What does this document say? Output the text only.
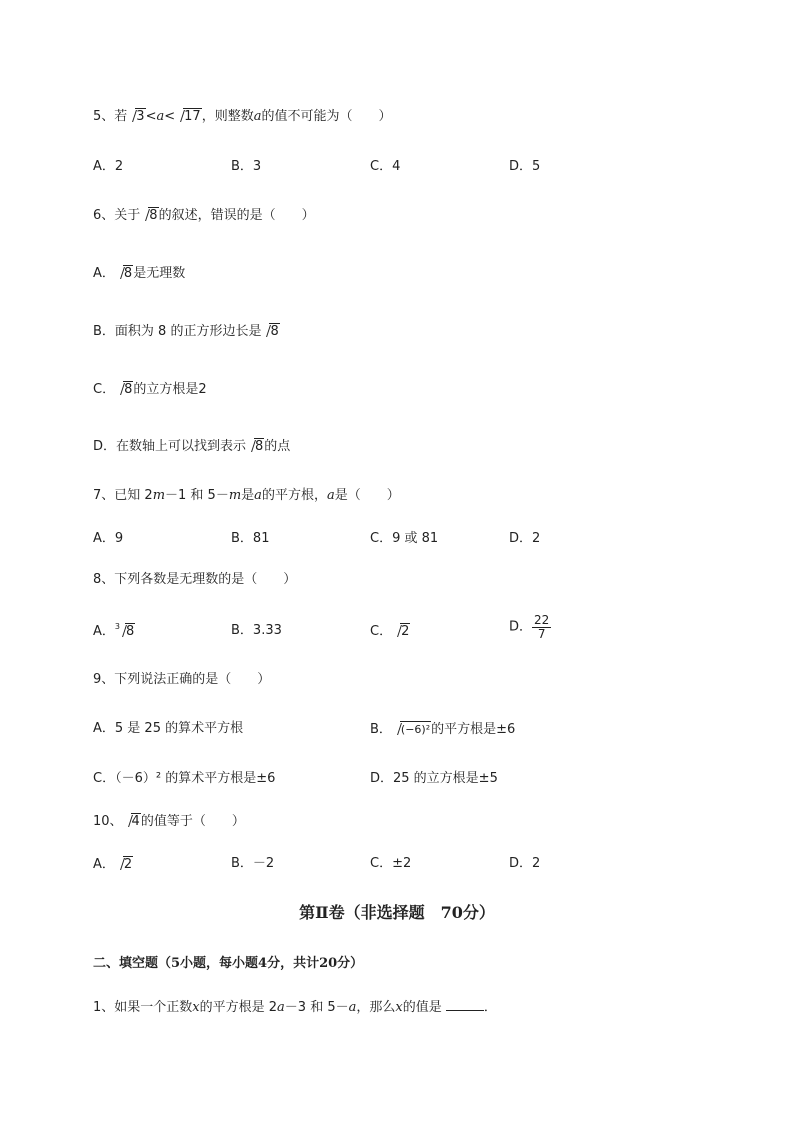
5、若 3<a< 17，则整数a的值不可能为（　　）
A．2	B．3	C．4	D．5
6、关于 8的叙述，错误的是（　　）
A． 8是无理数
B．面积为 8 的正方形边长是 8
C． 8的立方根是2
D．在数轴上可以找到表示 8的点
7、已知 2m－1 和 5－m是a的平方根，a是（　　）
A．9	B．81	C．9 或 81	D．2
8、下列各数是无理数的是（　　）
A．$^3$ 8	B．3.33	C． 2	D． $\frac{22}{7}$
9、下列说法正确的是（　　）
A．5 是 25 的算术平方根	B． (−6)²的平方根是±6
C．（－6）² 的算术平方根是±6	D．25 的立方根是±5
10、 4的值等于（　　）
A． 2	B．－2	C．±2	D．2
第Ⅱ卷（非选择题　70分）
二、填空题（5小题，每小题4分，共计20分）
1、如果一个正数x的平方根是 2a－3 和 5－a，那么x的值是	．
